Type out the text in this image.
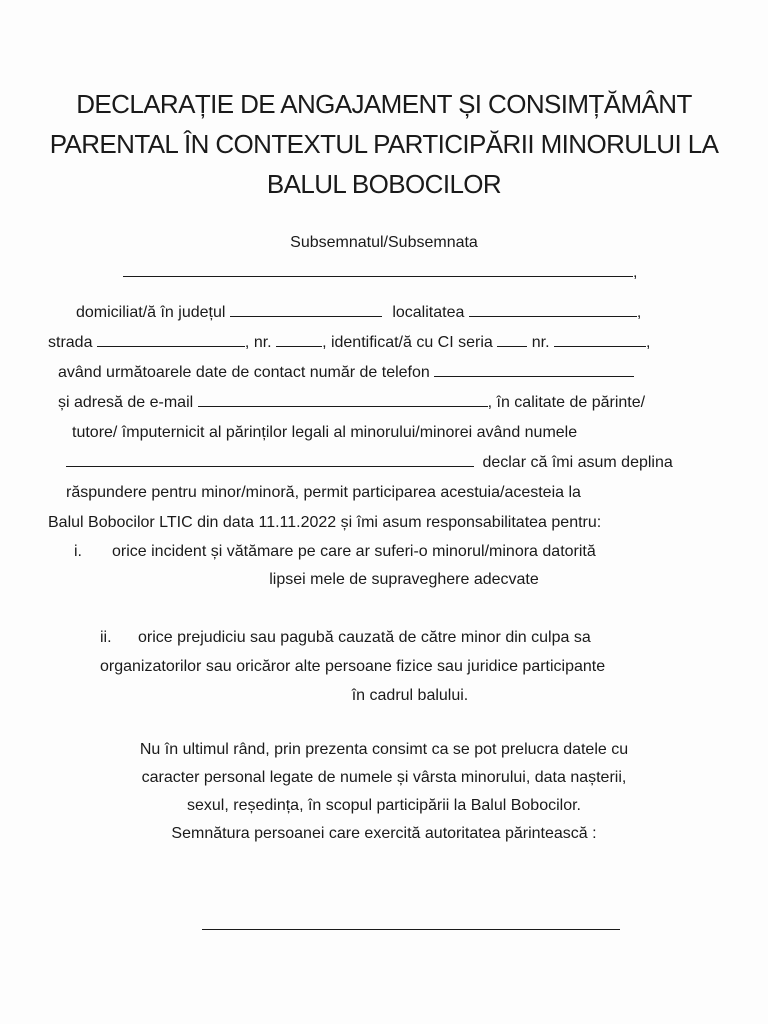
DECLARAȚIE DE ANGAJAMENT ȘI CONSIMȚĂMÂNT
PARENTAL ÎN CONTEXTUL PARTICIPĂRII MINORULUI LA
BALUL BOBOCILOR
Subsemnatul/Subsemnata
,
domiciliat/ă în județul	localitatea	,
strada	, nr.	, identificat/ă cu CI seria nr.	,
având următoarele date de contact număr de telefon
și adresă de e-mail	, în calitate de părinte/
tutore/ împuternicit al părinților legali al minorului/minorei având numele
declar că îmi asum deplina
răspundere pentru minor/minoră, permit participarea acestuia/acesteia la
Balul Bobocilor LTIC din data 11.11.2022 și îmi asum responsabilitatea pentru:
i. orice incident și vătămare pe care ar suferi-o minorul/minora datorită
lipsei mele de supraveghere adecvate
ii. orice prejudiciu sau pagubă cauzată de către minor din culpa sa
organizatorilor sau oricăror alte persoane fizice sau juridice participante
în cadrul balului.
Nu în ultimul rând, prin prezenta consimt ca se pot prelucra datele cu
caracter personal legate de numele și vârsta minorului, data nașterii,
sexul, reședința, în scopul participării la Balul Bobocilor.
Semnătura persoanei care exercită autoritatea părintească :
